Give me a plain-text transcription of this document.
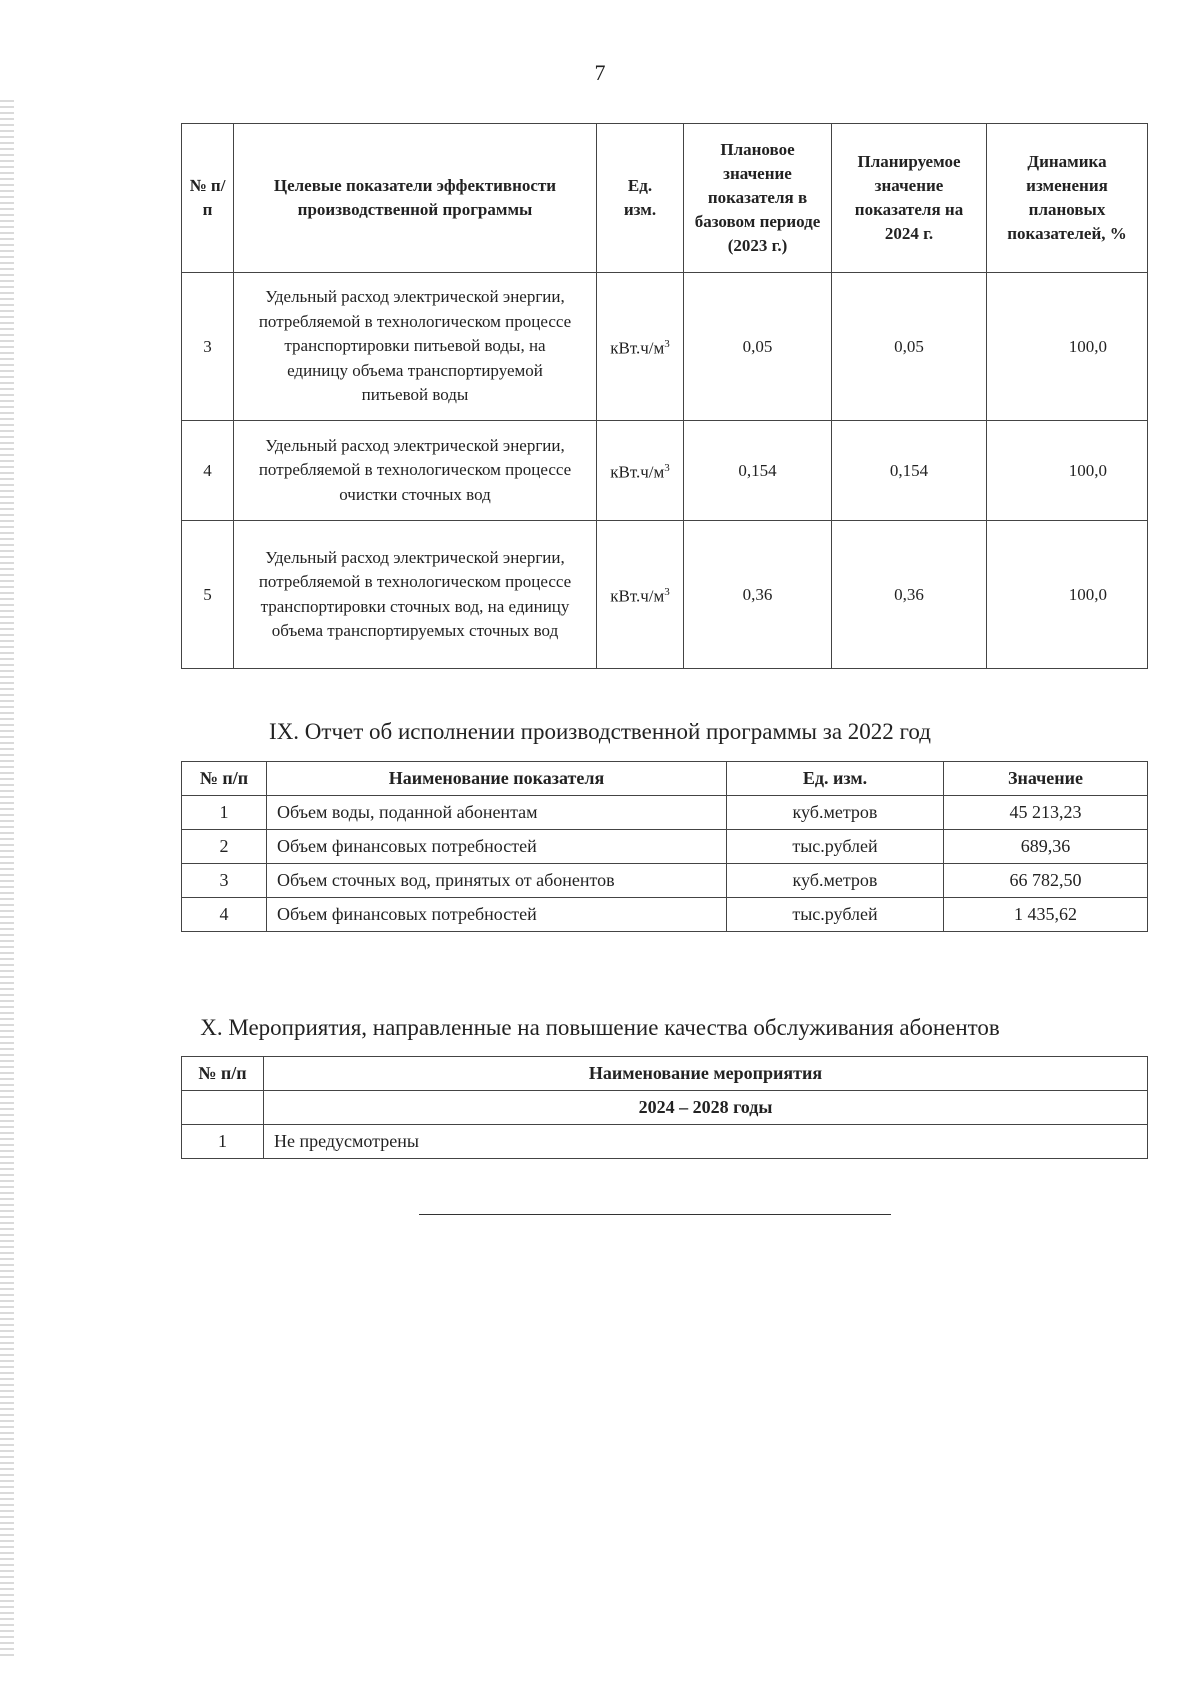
7
№ п/п	Целевые показатели эффективности производственной программы	Ед. изм.	Плановое значение показателя в базовом периоде (2023 г.)	Планируемое значение показателя на 2024 г.	Динамика изменения плановых показателей, %
3	Удельный расход электрической энергии, потребляемой в технологическом процессе транспортировки питьевой воды, на единицу объема транспортируемой питьевой воды	$кВт.ч/м^3$	0,05	0,05	100,0
4	Удельный расход электрической энергии, потребляемой в технологическом процессе очистки сточных вод	$кВт.ч/м^3$	0,154	0,154	100,0
5	Удельный расход электрической энергии, потребляемой в технологическом процессе транспортировки сточных вод, на единицу объема транспортируемых сточных вод	$кВт.ч/м^3$	0,36	0,36	100,0
IX. Отчет об исполнении производственной программы за 2022 год
№ п/п	Наименование показателя	Ед. изм.	Значение
1	Объем воды, поданной абонентам	куб.метров	45 213,23
2	Объем финансовых потребностей	тыс.рублей	689,36
3	Объем сточных вод, принятых от абонентов	куб.метров	66 782,50
4	Объем финансовых потребностей	тыс.рублей	1 435,62
X. Мероприятия, направленные на повышение качества обслуживания абонентов
№ п/п	Наименование мероприятия
	2024 – 2028 годы
1	Не предусмотрены
